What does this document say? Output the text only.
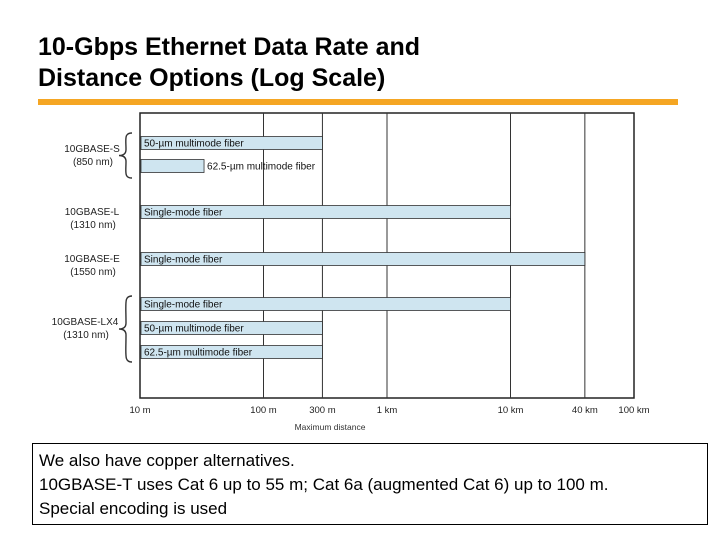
10-Gbps Ethernet Data Rate and
Distance Options (Log Scale)
10 m	100 m	300 m	1 km	10 km	40 km 100 km
Maximum distance
50-µm multimode fiber
62.5-µm multimode fiber
10GBASE-S
(850 nm)
Single-mode fiber
10GBASE-L
(1310 nm)
Single-mode fiber
10GBASE-E
(1550 nm)
Single-mode fiber
50-µm multimode fiber
62.5-µm multimode fiber
10GBASE-LX4
(1310 nm)
We also have copper alternatives.
10GBASE-T uses Cat 6 up to 55 m; Cat 6a (augmented Cat 6) up to 100 m.
Special encoding is used
